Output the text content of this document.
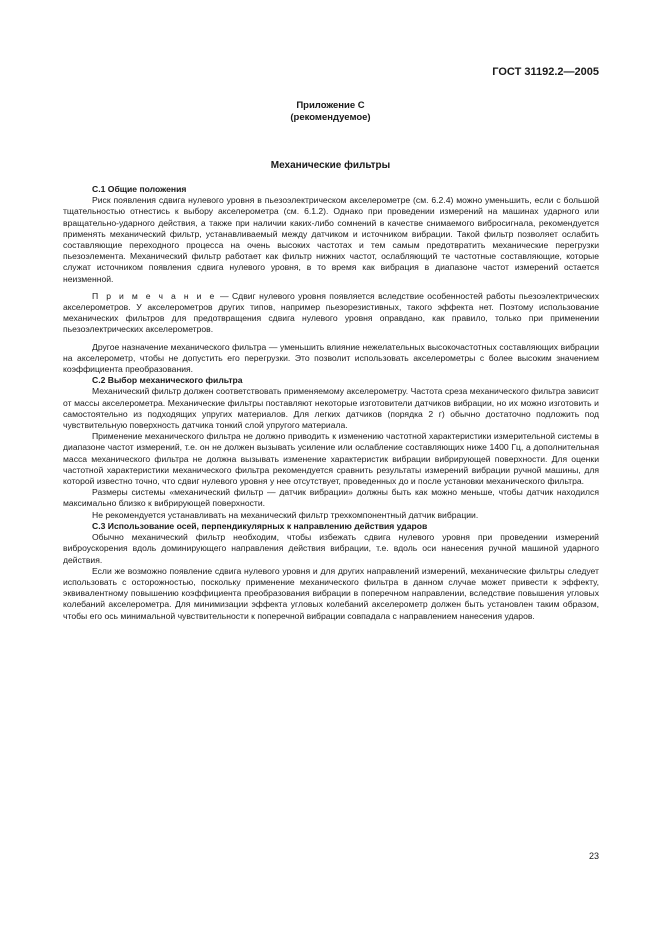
ГОСТ 31192.2—2005
Приложение С
(рекомендуемое)
Механические фильтры
С.1 Общие положения

Риск появления сдвига нулевого уровня в пьезоэлектрическом акселерометре (см. 6.2.4) можно уменьшить, если с большой тщательностью отнестись к выбору акселерометра (см. 6.1.2). Однако при проведении измерений на машинах ударного или вращательно-ударного действия, а также при наличии каких-либо сомнений в качестве снимаемого вибросигнала, рекомендуется применять механический фильтр, устанавливаемый между датчиком и источником вибрации. Такой фильтр позволяет ослабить составляющие переходного процесса на очень высоких частотах и тем самым предотвратить механические перегрузки пьезоэлемента. Механический фильтр работает как фильтр нижних частот, ослабляющий те частотные составляющие, которые служат источником появления сдвига нулевого уровня, в то время как вибрация в диапазоне частот измерений остается неизменной.

П р и м е ч а н и е — Сдвиг нулевого уровня появляется вследствие особенностей работы пьезоэлектрических акселерометров. У акселерометров других типов, например пьезорезистивных, такого эффекта нет. Поэтому использование механических фильтров для предотвращения сдвига нулевого уровня оправдано, как правило, только при применении пьезоэлектрических акселерометров.

Другое назначение механического фильтра — уменьшить влияние нежелательных высокочастотных составляющих вибрации на акселерометр, чтобы не допустить его перегрузки. Это позволит использовать акселерометры с более высоким значением коэффициента преобразования.

С.2 Выбор механического фильтра

Механический фильтр должен соответствовать применяемому акселерометру. Частота среза механического фильтра зависит от массы акселерометра. Механические фильтры поставляют некоторые изготовители датчиков вибрации, но их можно изготовить и самостоятельно из подходящих упругих материалов. Для легких датчиков (порядка 2 г) обычно достаточно подложить под чувствительную поверхность датчика тонкий слой упругого материала.

Применение механического фильтра не должно приводить к изменению частотной характеристики измерительной системы в диапазоне частот измерений, т.е. он не должен вызывать усиление или ослабление составляющих ниже 1400 Гц, а дополнительная масса механического фильтра не должна вызывать изменение характеристик вибрации вибрирующей поверхности. Для оценки частотной характеристики механического фильтра рекомендуется сравнить результаты измерений вибрации ручной машины, для которой известно точно, что сдвиг нулевого уровня у нее отсутствует, проведенных до и после установки механического фильтра.

Размеры системы «механический фильтр — датчик вибрации» должны быть как можно меньше, чтобы датчик находился максимально близко к вибрирующей поверхности.

Не рекомендуется устанавливать на механический фильтр трехкомпонентный датчик вибрации.

С.3 Использование осей, перпендикулярных к направлению действия ударов

Обычно механический фильтр необходим, чтобы избежать сдвига нулевого уровня при проведении измерений виброускорения вдоль доминирующего направления действия вибрации, т.е. вдоль оси нанесения ручной машиной ударного действия.

Если же возможно появление сдвига нулевого уровня и для других направлений измерений, механические фильтры следует использовать с осторожностью, поскольку применение механического фильтра в данном случае может привести к эффекту, эквивалентному повышению коэффициента преобразования вибрации в поперечном направлении, вследствие повышения угловых колебаний акселерометра. Для минимизации эффекта угловых колебаний акселерометр должен быть установлен таким образом, чтобы его ось минимальной чувствительности к поперечной вибрации совпадала с направлением нанесения ударов.

23
